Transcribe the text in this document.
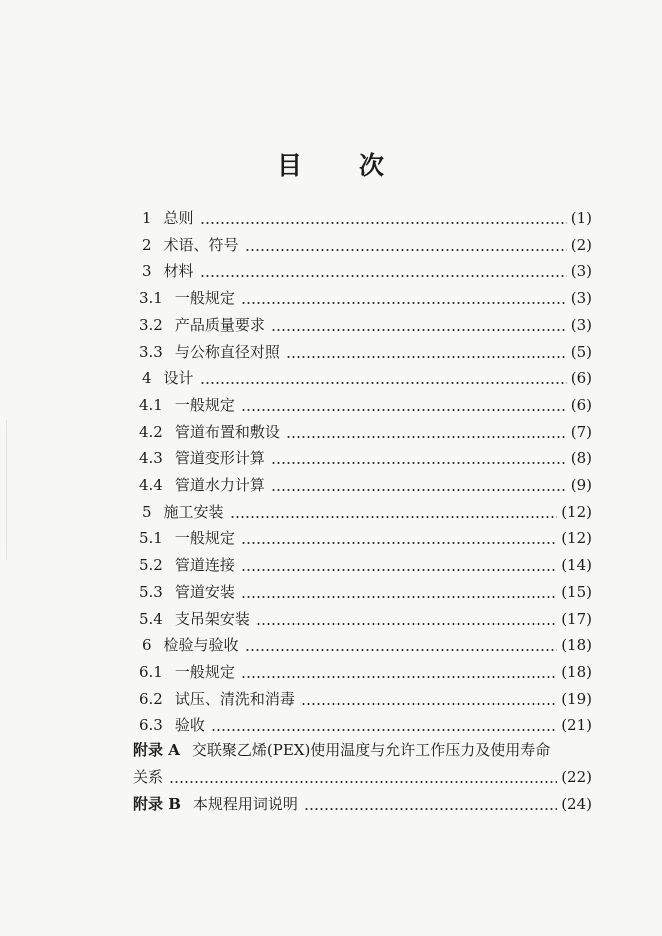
目 次
1 总则	(1)
2 术语、符号	(2)
3 材料	(3)
3.1 一般规定	(3)
3.2 产品质量要求	(3)
3.3 与公称直径对照	(5)
4 设计	(6)
4.1 一般规定	(6)
4.2 管道布置和敷设	(7)
4.3 管道变形计算	(8)
4.4 管道水力计算	(9)
5 施工安装	(12)
5.1 一般规定	(12)
5.2 管道连接	(14)
5.3 管道安装	(15)
5.4 支吊架安装	(17)
6 检验与验收	(18)
6.1 一般规定	(18)
6.2 试压、清洗和消毒	(19)
6.3 验收	(21)
附录 A 交联聚乙烯(PEX)使用温度与允许工作压力及使用寿命
关系	(22)
附录 B 本规程用词说明	(24)
